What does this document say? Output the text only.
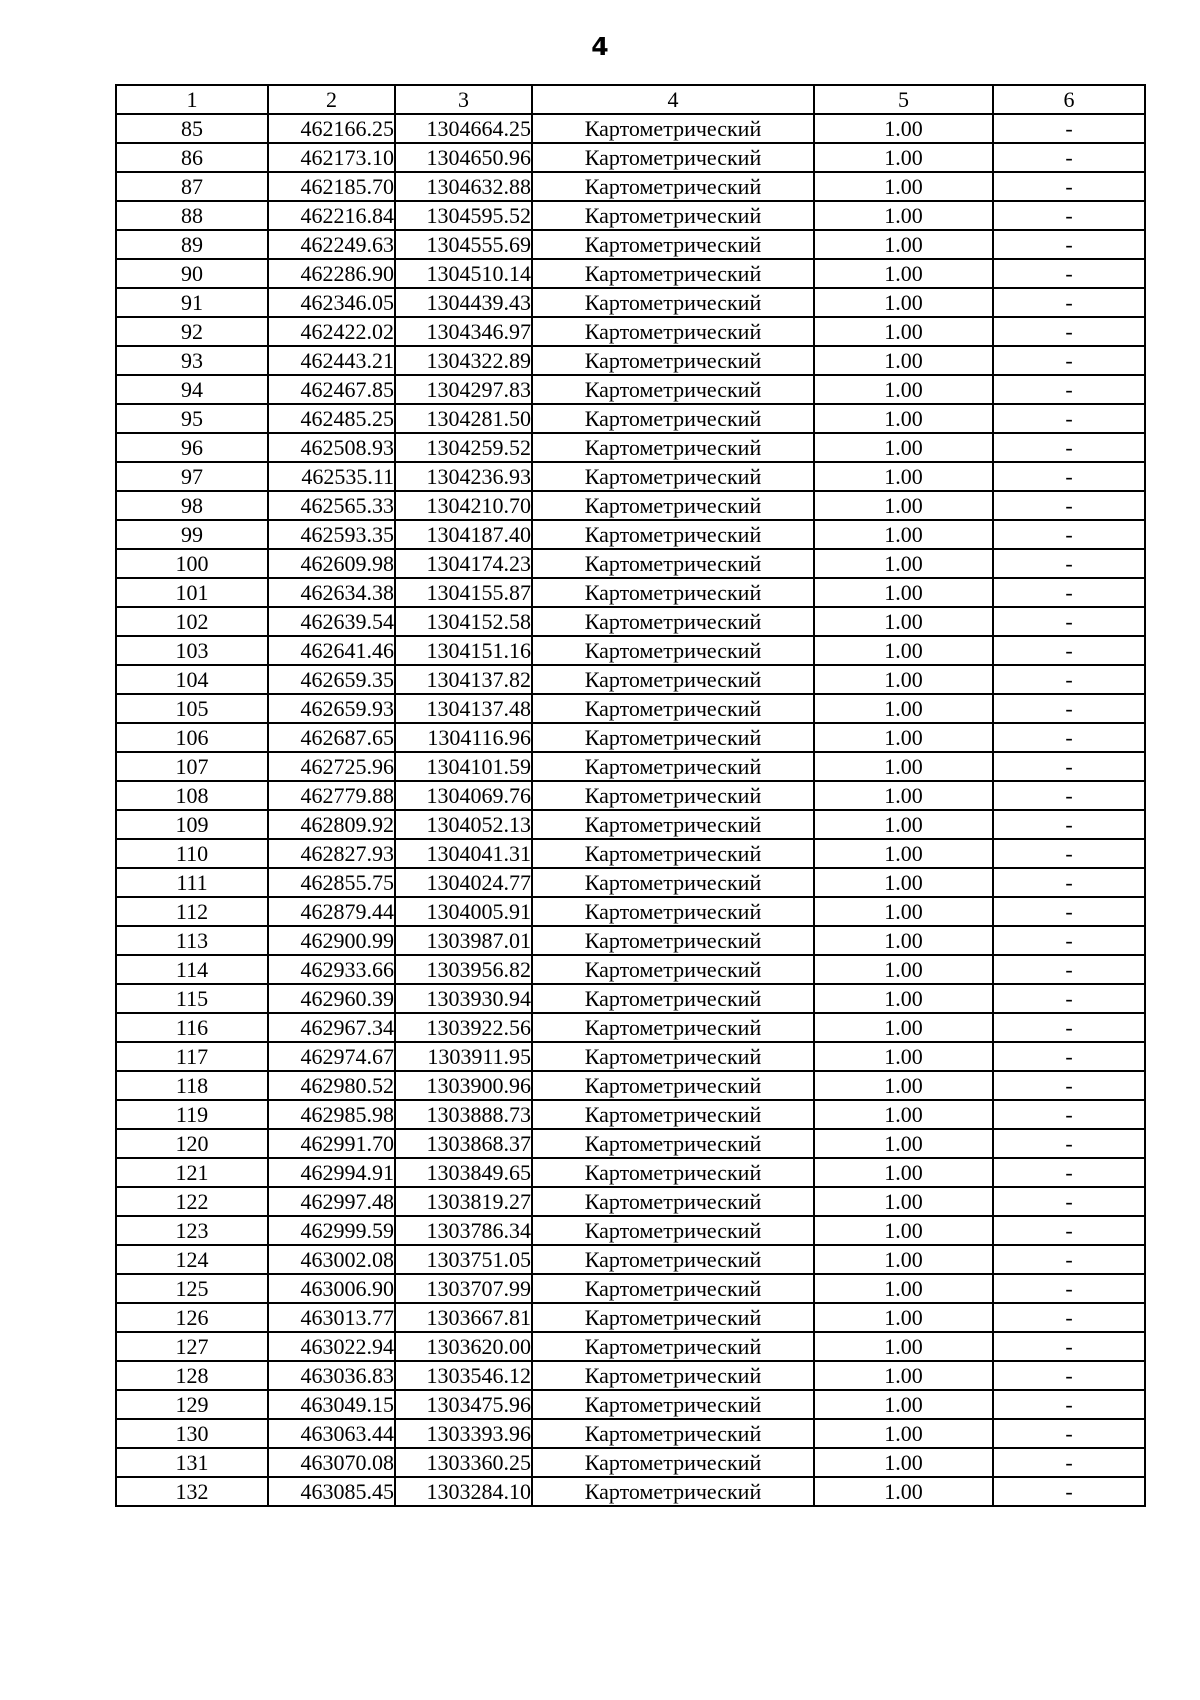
4
1	2	3	4	5	6
85	462166.25	1304664.25	Картометрический	1.00	-
86	462173.10	1304650.96	Картометрический	1.00	-
87	462185.70	1304632.88	Картометрический	1.00	-
88	462216.84	1304595.52	Картометрический	1.00	-
89	462249.63	1304555.69	Картометрический	1.00	-
90	462286.90	1304510.14	Картометрический	1.00	-
91	462346.05	1304439.43	Картометрический	1.00	-
92	462422.02	1304346.97	Картометрический	1.00	-
93	462443.21	1304322.89	Картометрический	1.00	-
94	462467.85	1304297.83	Картометрический	1.00	-
95	462485.25	1304281.50	Картометрический	1.00	-
96	462508.93	1304259.52	Картометрический	1.00	-
97	462535.11	1304236.93	Картометрический	1.00	-
98	462565.33	1304210.70	Картометрический	1.00	-
99	462593.35	1304187.40	Картометрический	1.00	-
100	462609.98	1304174.23	Картометрический	1.00	-
101	462634.38	1304155.87	Картометрический	1.00	-
102	462639.54	1304152.58	Картометрический	1.00	-
103	462641.46	1304151.16	Картометрический	1.00	-
104	462659.35	1304137.82	Картометрический	1.00	-
105	462659.93	1304137.48	Картометрический	1.00	-
106	462687.65	1304116.96	Картометрический	1.00	-
107	462725.96	1304101.59	Картометрический	1.00	-
108	462779.88	1304069.76	Картометрический	1.00	-
109	462809.92	1304052.13	Картометрический	1.00	-
110	462827.93	1304041.31	Картометрический	1.00	-
111	462855.75	1304024.77	Картометрический	1.00	-
112	462879.44	1304005.91	Картометрический	1.00	-
113	462900.99	1303987.01	Картометрический	1.00	-
114	462933.66	1303956.82	Картометрический	1.00	-
115	462960.39	1303930.94	Картометрический	1.00	-
116	462967.34	1303922.56	Картометрический	1.00	-
117	462974.67	1303911.95	Картометрический	1.00	-
118	462980.52	1303900.96	Картометрический	1.00	-
119	462985.98	1303888.73	Картометрический	1.00	-
120	462991.70	1303868.37	Картометрический	1.00	-
121	462994.91	1303849.65	Картометрический	1.00	-
122	462997.48	1303819.27	Картометрический	1.00	-
123	462999.59	1303786.34	Картометрический	1.00	-
124	463002.08	1303751.05	Картометрический	1.00	-
125	463006.90	1303707.99	Картометрический	1.00	-
126	463013.77	1303667.81	Картометрический	1.00	-
127	463022.94	1303620.00	Картометрический	1.00	-
128	463036.83	1303546.12	Картометрический	1.00	-
129	463049.15	1303475.96	Картометрический	1.00	-
130	463063.44	1303393.96	Картометрический	1.00	-
131	463070.08	1303360.25	Картометрический	1.00	-
132	463085.45	1303284.10	Картометрический	1.00	-
